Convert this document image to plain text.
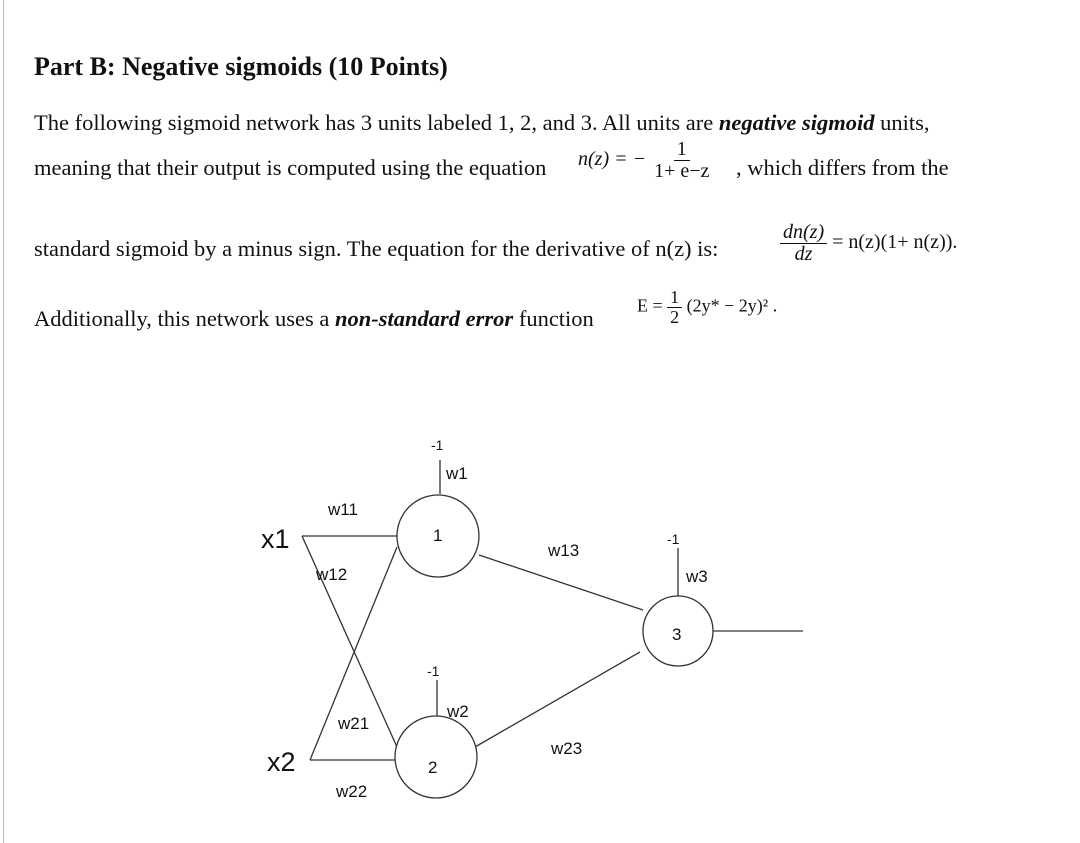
Part B: Negative sigmoids (10 Points)
The following sigmoid network has 3 units labeled 1, 2, and 3. All units are negative sigmoid units,
meaning that their output is computed using the equation n(z) = − $\frac{1}{1+ e-z}$ , which differs from the
standard sigmoid by a minus sign. The equation for the derivative of n(z) is:	$\frac{dn(z)}{dz} = n(z)(1+ n(z))$.
Additionally, this network uses a non-standard error function
$E = \frac{1}{2} (2y* - 2y)^2$ .
1
2
3
-1
-1
-1
w1
w2
w3
w11
w12
w21
w22
w13
w23
x1
x2
